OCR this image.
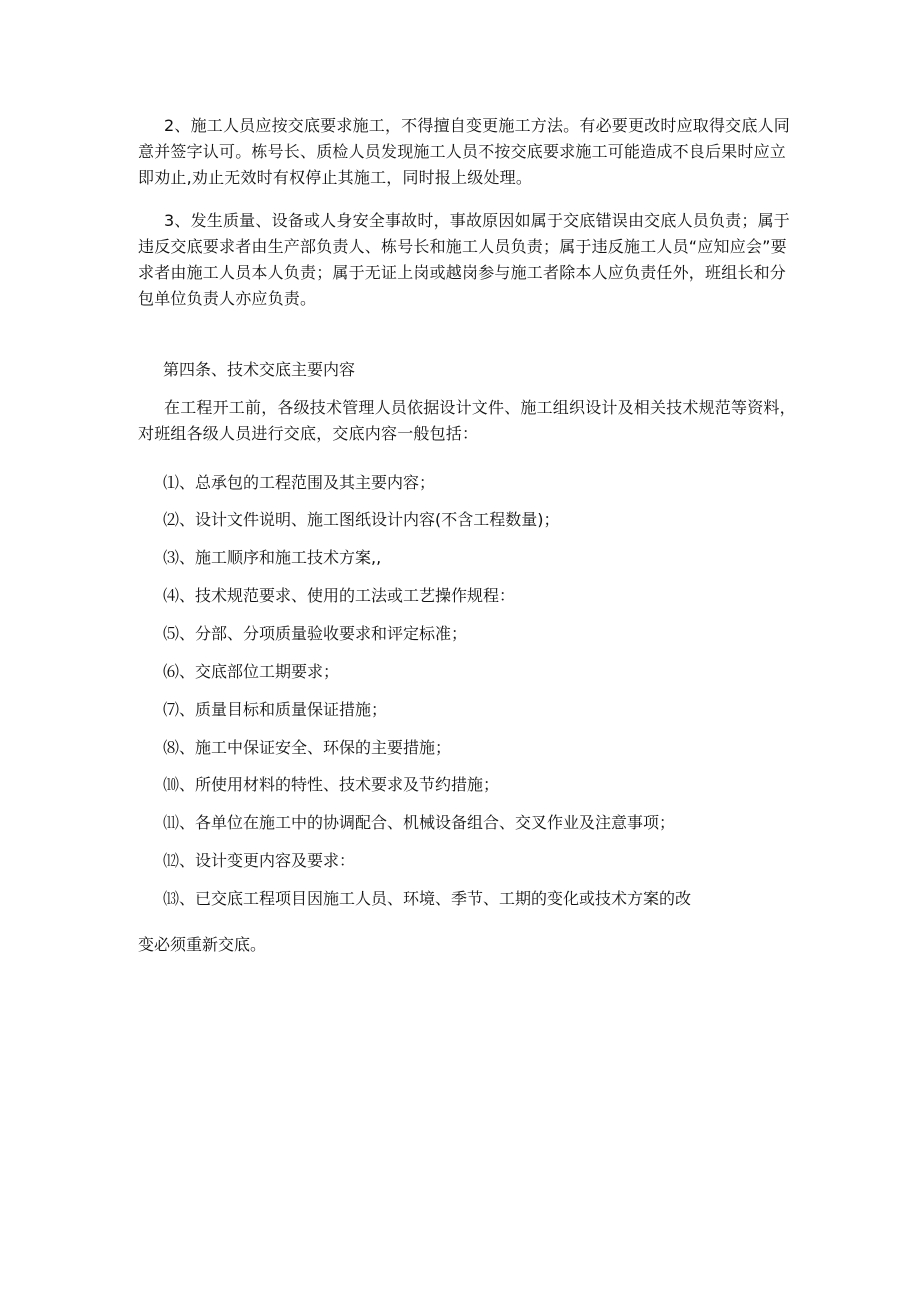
2、施工人员应按交底要求施工，不得擅自变更施工方法。有必要更改时应取得交底人同意并签字认可。栋号长、质检人员发现施工人员不按交底要求施工可能造成不良后果时应立即劝止,劝止无效时有权停止其施工，同时报上级处理。

3、发生质量、设备或人身安全事故时，事故原因如属于交底错误由交底人员负责；属于违反交底要求者由生产部负责人、栋号长和施工人员负责；属于违反施工人员“应知应会”要求者由施工人员本人负责；属于无证上岗或越岗参与施工者除本人应负责任外，班组长和分包单位负责人亦应负责。

第四条、技术交底主要内容

在工程开工前，各级技术管理人员依据设计文件、施工组织设计及相关技术规范等资料，对班组各级人员进行交底，交底内容一般包括：

⑴、总承包的工程范围及其主要内容；

⑵、设计文件说明、施工图纸设计内容(不含工程数量)；

⑶、施工顺序和施工技术方案,,

⑷、技术规范要求、使用的工法或工艺操作规程：

⑸、分部、分项质量验收要求和评定标准；

⑹、交底部位工期要求；

⑺、质量目标和质量保证措施；

⑻、施工中保证安全、环保的主要措施；

⑽、所使用材料的特性、技术要求及节约措施；

⑾、各单位在施工中的协调配合、机械设备组合、交叉作业及注意事项；

⑿、设计变更内容及要求：

⒀、已交底工程项目因施工人员、环境、季节、工期的变化或技术方案的改

变必须重新交底。
